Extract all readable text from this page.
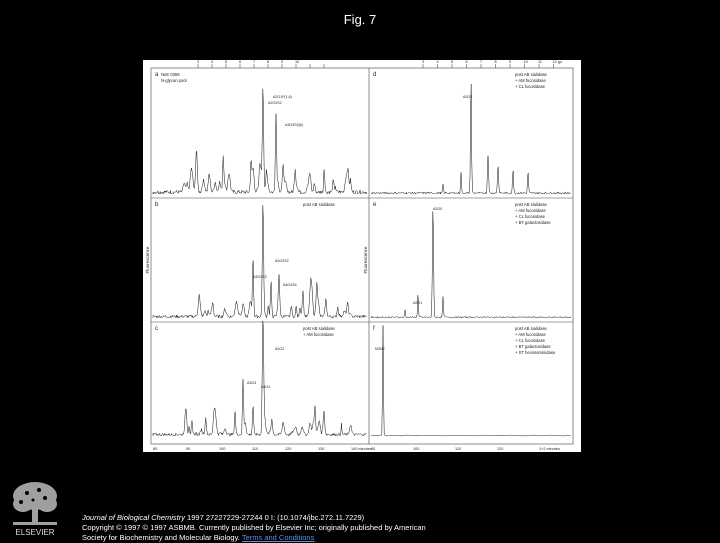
Fig. 7
3	3
4	4
5	5
6	6
7	7
8	8
9	9
10	10	11	12 gu
80	90	100	110	120	130	140 minutes 90	100	110	120	1+2 minutes
Fluorescence	Fluorescence
a NeE 0359
N-glycan pool
b	post AB sialidase
c	post AB sialidase
+ AM fucosidase
d	post AB sialidase
+ AM fucosidase
+ CL fucosidase
e	post AB sialidase
+ AM fucosidase
+ CL fucosidase
+ BT galactosidase
f	post AB sialidase
+ AM fucosidase
+ CL fucosidase
+ BT galactosidase
+ ST hexosaminidase
A2G1F(1,6)
A2G2S2
A3G3S3(6)
A2G2S2
A3G3S3
A4G4S4
A2G2
A3G3
A4G4
A2G2
A2G0
A2G1
M3N2
ELSEVIER
Journal of Biological Chemistry 1997 27227229-27244 0 I: (10.1074/jbc.272.11.7229)
Copyright © 1997 © 1997 ASBMB. Currently published by Elsevier Inc; originally published by American
Society for Biochemistry and Molecular Biology. Terms and Conditions
